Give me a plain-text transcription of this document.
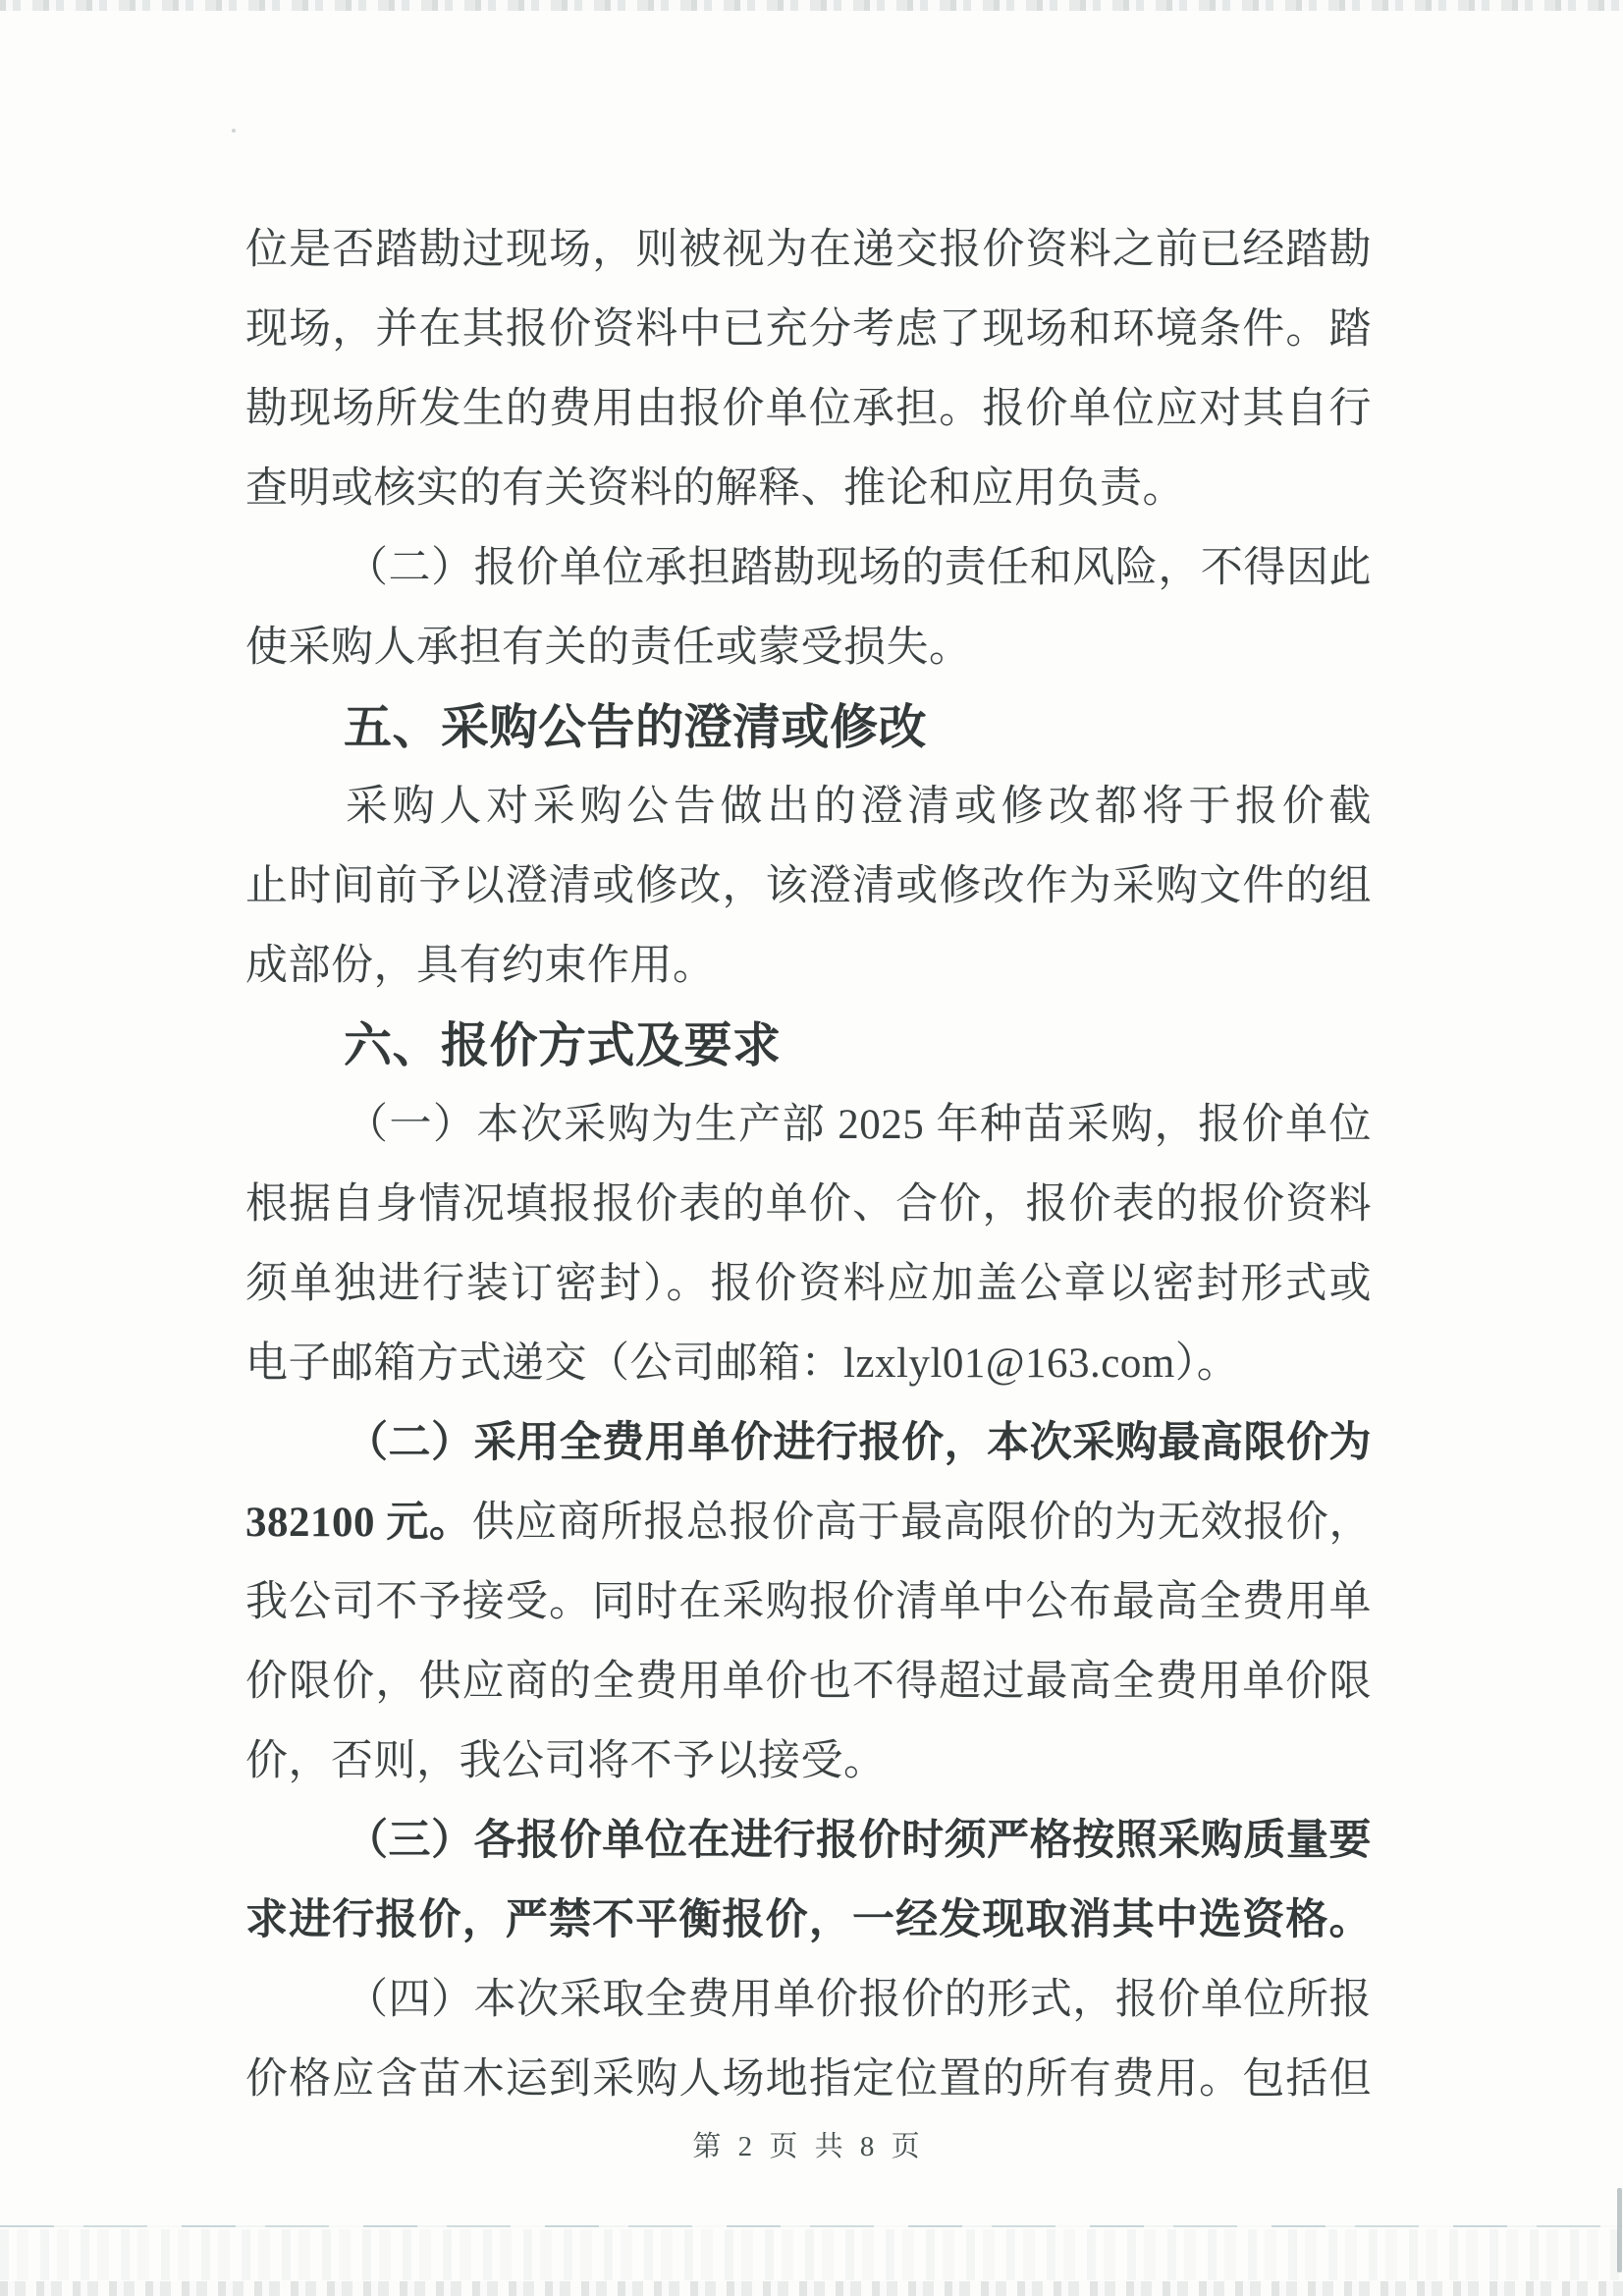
位是否踏勘过现场，则被视为在递交报价资料之前已经踏勘
现场，并在其报价资料中已充分考虑了现场和环境条件。踏
勘现场所发生的费用由报价单位承担。报价单位应对其自行
查明或核实的有关资料的解释、推论和应用负责。
（二）报价单位承担踏勘现场的责任和风险，不得因此
使采购人承担有关的责任或蒙受损失。
五、采购公告的澄清或修改
采购人对采购公告做出的澄清或修改都将于报价截
止时间前予以澄清或修改，该澄清或修改作为采购文件的组
成部份，具有约束作用。
六、报价方式及要求
（一）本次采购为生产部 2025 年种苗采购，报价单位
根据自身情况填报报价表的单价、合价，报价表的报价资料
须单独进行装订密封）。报价资料应加盖公章以密封形式或
电子邮箱方式递交（公司邮箱：lzxlyl01@163.com）。
（二）采用全费用单价进行报价，本次采购最高限价为
382100 元。供应商所报总报价高于最高限价的为无效报价，
我公司不予接受。同时在采购报价清单中公布最高全费用单
价限价，供应商的全费用单价也不得超过最高全费用单价限
价，否则，我公司将不予以接受。
（三）各报价单位在进行报价时须严格按照采购质量要
求进行报价，严禁不平衡报价，一经发现取消其中选资格。
（四）本次采取全费用单价报价的形式，报价单位所报
价格应含苗木运到采购人场地指定位置的所有费用。包括但
第 2 页 共 8 页
